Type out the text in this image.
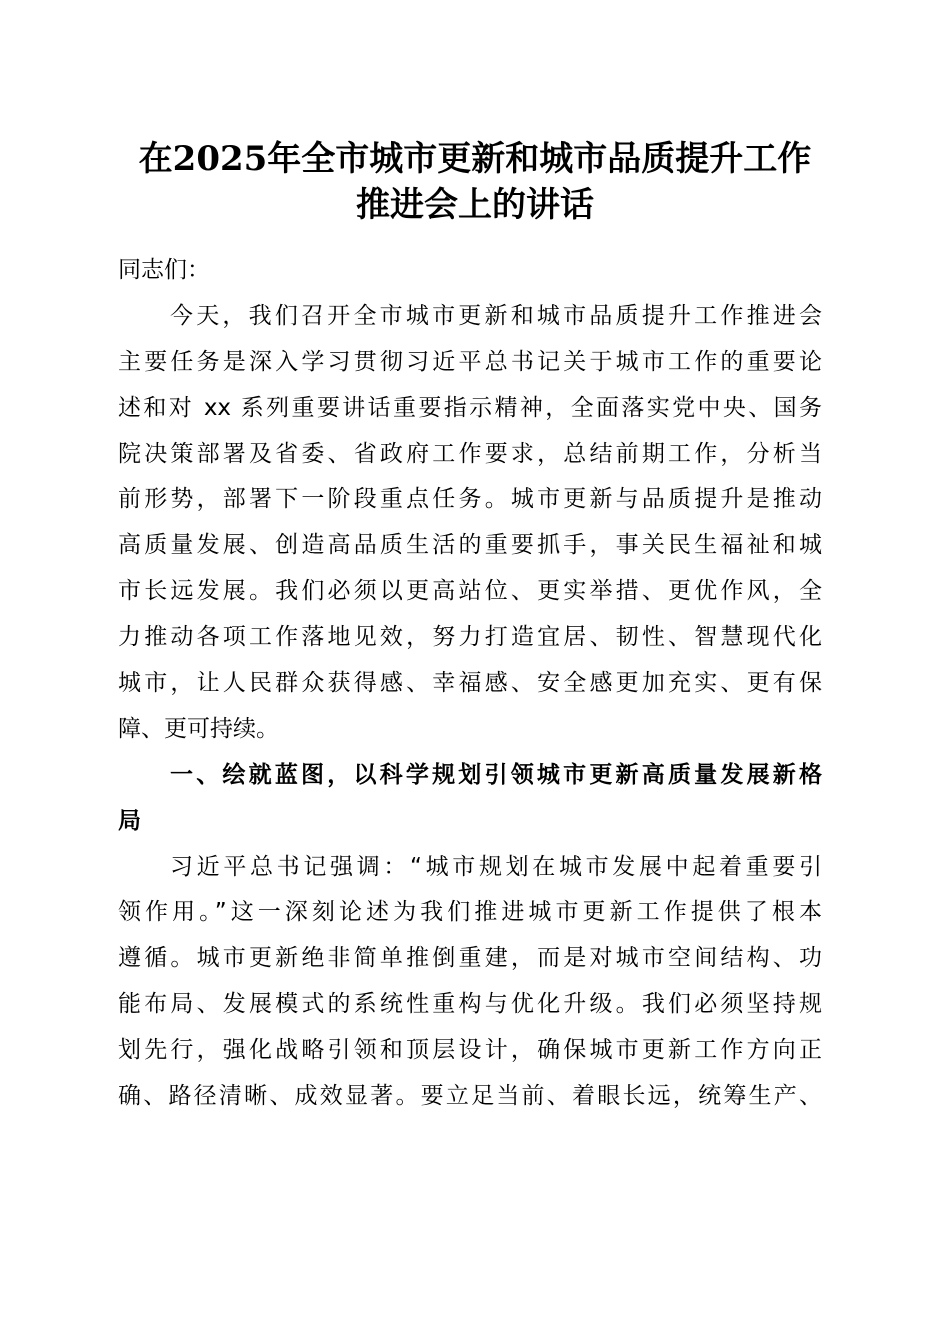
在2025年全市城市更新和城市品质提升工作
推进会上的讲话
同志们：
今天，我们召开全市城市更新和城市品质提升工作推进会
主要任务是深入学习贯彻习近平总书记关于城市工作的重要论
述和对 xx 系列重要讲话重要指示精神，全面落实党中央、国务
院决策部署及省委、省政府工作要求，总结前期工作，分析当
前形势，部署下一阶段重点任务。城市更新与品质提升是推动
高质量发展、创造高品质生活的重要抓手，事关民生福祉和城
市长远发展。我们必须以更高站位、更实举措、更优作风，全
力推动各项工作落地见效，努力打造宜居、韧性、智慧现代化
城市，让人民群众获得感、幸福感、安全感更加充实、更有保
障、更可持续。
一、绘就蓝图，以科学规划引领城市更新高质量发展新格
局
习近平总书记强调：“城市规划在城市发展中起着重要引
领作用。”这一深刻论述为我们推进城市更新工作提供了根本
遵循。城市更新绝非简单推倒重建，而是对城市空间结构、功
能布局、发展模式的系统性重构与优化升级。我们必须坚持规
划先行，强化战略引领和顶层设计，确保城市更新工作方向正
确、路径清晰、成效显著。要立足当前、着眼长远，统筹生产、
